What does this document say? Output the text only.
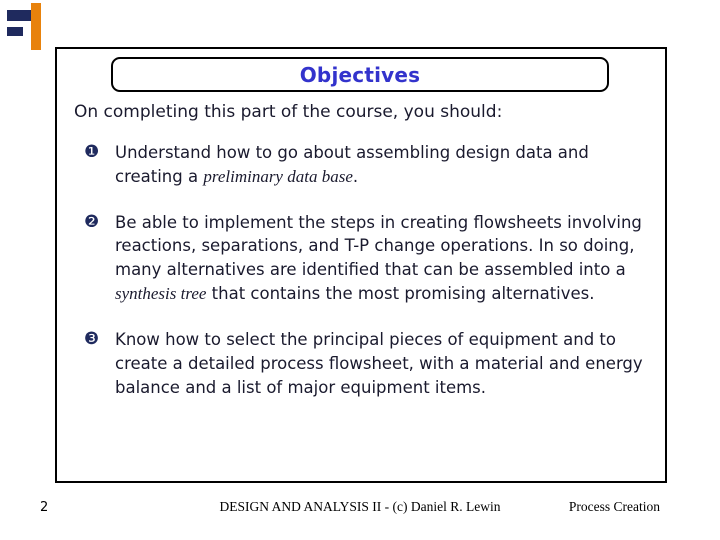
Objectives
On completing this part of the course, you should:
❶ Understand how to go about assembling design data and creating a preliminary data base.
❷ Be able to implement the steps in creating flowsheets involving reactions, separations, and T-P change operations. In so doing, many alternatives are identified that can be assembled into a synthesis tree that contains the most promising alternatives.
❸ Know how to select the principal pieces of equipment and to create a detailed process flowsheet, with a material and energy balance and a list of major equipment items.
2	DESIGN AND ANALYSIS II - (c) Daniel R. Lewin	Process Creation
